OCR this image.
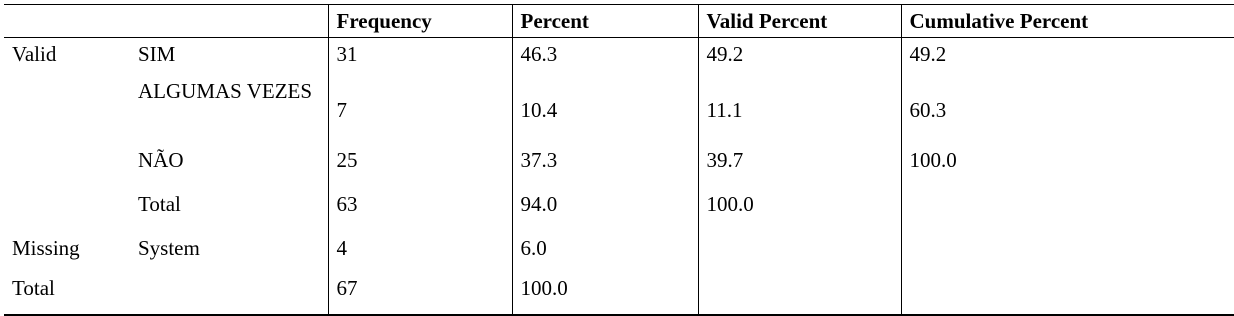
		Frequency	Percent	Valid Percent	Cumulative Percent
Valid	SIM	31	46.3	49.2	49.2
	ALGUMAS VEZES	7	10.4	11.1	60.3
	NÃO	25	37.3	39.7	100.0
	Total	63	94.0	100.0	
Missing	System	4	6.0		
Total		67	100.0		
